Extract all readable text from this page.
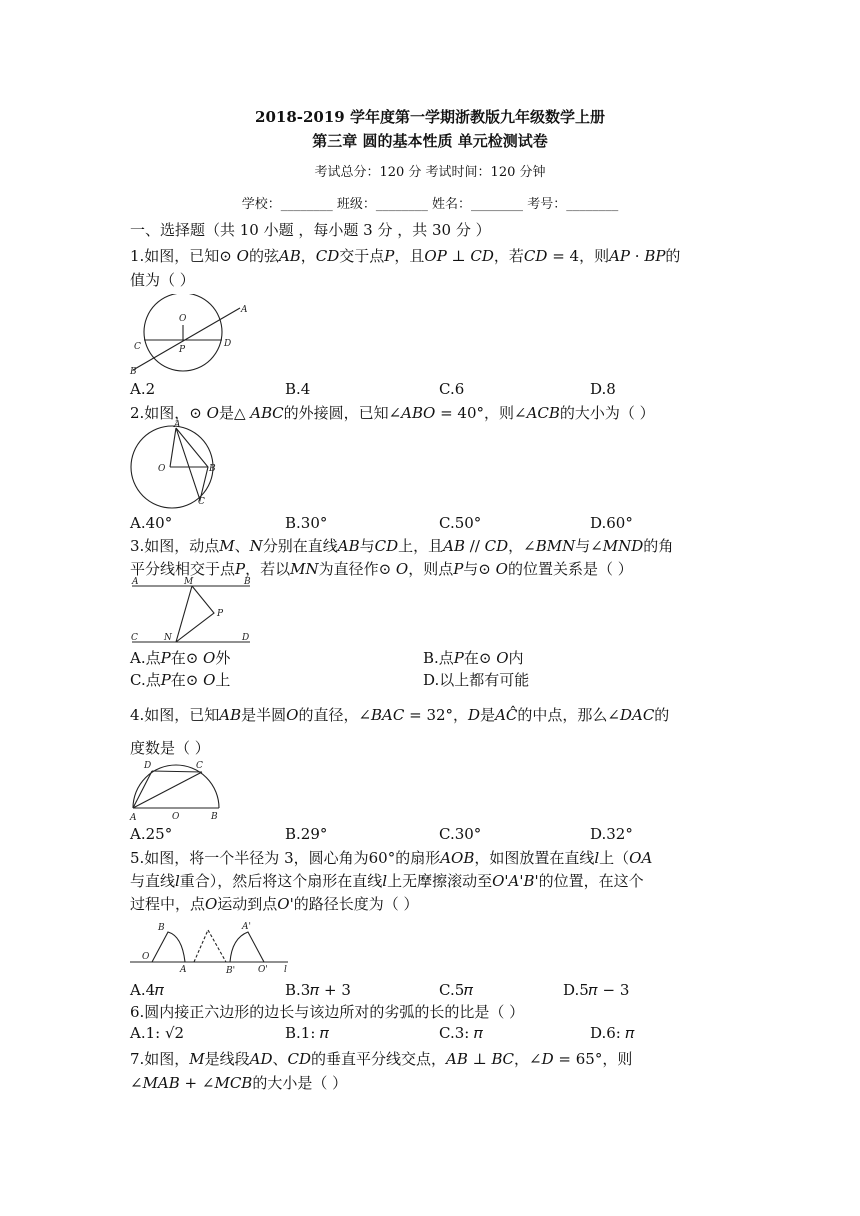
2018-2019 学年度第一学期浙教版九年级数学上册
第三章 圆的基本性质 单元检测试卷
考试总分：120 分 考试时间：120 分钟
学校：________ 班级：________ 姓名：________ 考号：________
一、选择题（共 10 小题 ，每小题 3 分 ，共 30 分 ）
1.如图，已知⊙ 𝑂的弦𝐴𝐵，𝐶𝐷交于点𝑃，且𝑂𝑃 ⊥ 𝐶𝐷，若𝐶𝐷 = 4，则𝐴𝑃 · 𝐵𝑃的
值为（ ）
A
O
C	P
D
B
A.2	B.4	C.6	D.8
2.如图，⊙ 𝑂是△ 𝐴𝐵𝐶的外接圆，已知∠𝐴𝐵𝑂 = 40°，则∠𝐴𝐶𝐵的大小为（ ）
A
O	B
C
A.40°	B.30°	C.50°	D.60°
3.如图，动点𝑀、𝑁分别在直线𝐴𝐵与𝐶𝐷上，且𝐴𝐵 // 𝐶𝐷，∠𝐵𝑀𝑁与∠𝑀𝑁𝐷的角
平分线相交于点𝑃，若以𝑀𝑁为直径作⊙ 𝑂，则点𝑃与⊙ 𝑂的位置关系是（ ）
A	M	B
P
C	N	D
A.点𝑃在⊙ 𝑂外	B.点𝑃在⊙ 𝑂内
C.点𝑃在⊙ 𝑂上	D.以上都有可能
4.如图，已知𝐴𝐵是半圆𝑂的直径，∠𝐵𝐴𝐶 = 32°，𝐷是𝐴𝐶̂的中点，那么∠𝐷𝐴𝐶的
度数是（ ）
D	C
A	O	B
A.25°	B.29°	C.30°	D.32°
5.如图，将一个半径为 3，圆心角为60°的扇形𝐴𝑂𝐵，如图放置在直线𝑙上（𝑂𝐴
与直线𝑙重合），然后将这个扇形在直线𝑙上无摩擦滚动至𝑂'𝐴'𝐵'的位置，在这个
过程中，点𝑂运动到点𝑂'的路径长度为（ ）
B
O
A	B'
A'
O' l
A.4𝜋	B.3𝜋 + 3	C.5𝜋	D.5𝜋 − 3
6.圆内接正六边形的边长与该边所对的劣弧的长的比是（ ）
A.1: √2	B.1: 𝜋	C.3: 𝜋	D.6: 𝜋
7.如图，𝑀是线段𝐴𝐷、𝐶𝐷的垂直平分线交点，𝐴𝐵 ⊥ 𝐵𝐶，∠𝐷 = 65°，则
∠𝑀𝐴𝐵 + ∠𝑀𝐶𝐵的大小是（ ）
